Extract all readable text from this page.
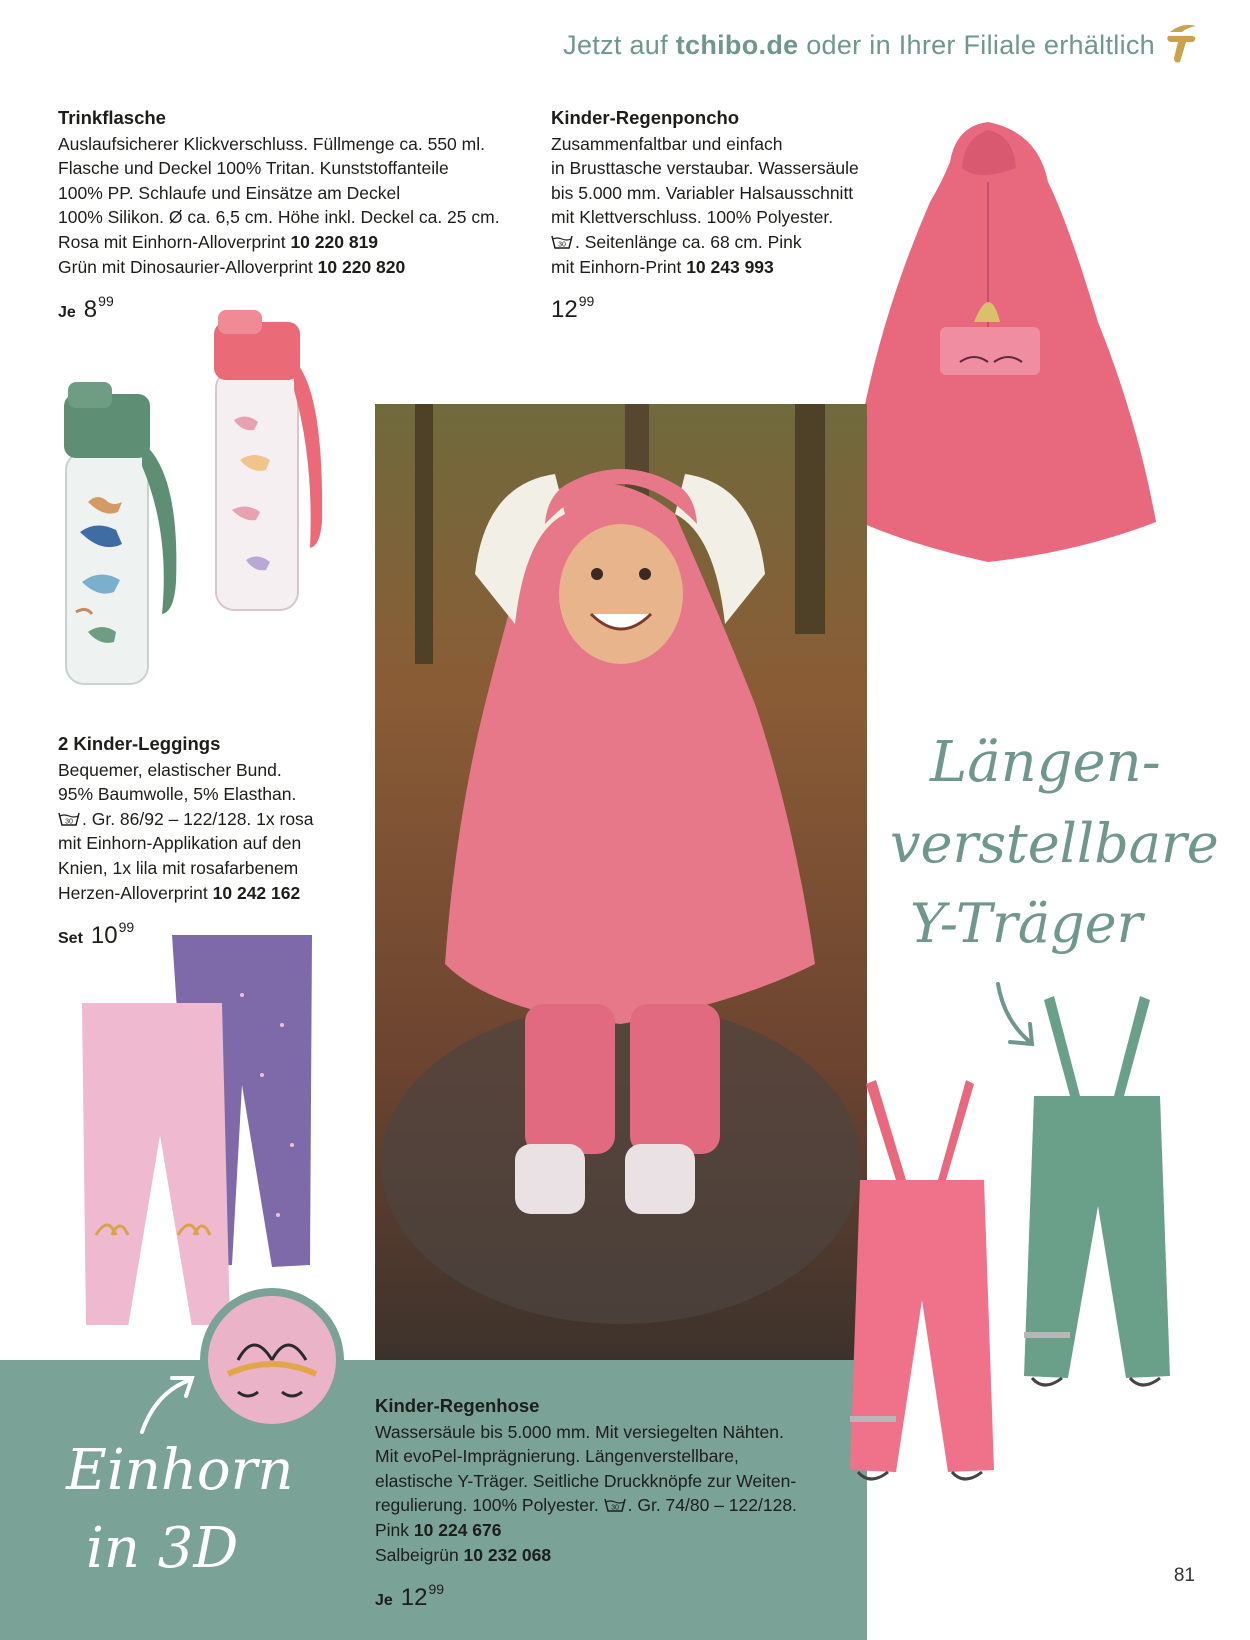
Jetzt auf tchibo.de oder in Ihrer Filiale erhältlich
Trinkflasche
Auslaufsicherer Klickverschluss. Füllmenge ca. 550 ml.
Flasche und Deckel 100% Tritan. Kunststoffanteile
100% PP. Schlaufe und Einsätze am Deckel
100% Silikon. Ø ca. 6,5 cm. Höhe inkl. Deckel ca. 25 cm.
Rosa mit Einhorn-Alloverprint 10 220 819
Grün mit Dinosaurier-Alloverprint 10 220 820
Je $8^{99}$
Kinder-Regenponcho
Zusammenfaltbar und einfach
in Brusttasche verstaubar. Wassersäule
bis 5.000 mm. Variabler Halsausschnitt
mit Klettverschluss. 100% Polyester.
30 . Seitenlänge ca. 68 cm. Pink
mit Einhorn-Print 10 243 993
$12^{99}$
2 Kinder-Leggings
Bequemer, elastischer Bund.
95% Baumwolle, 5% Elasthan.
30 . Gr. 86/92 – 122/128. 1x rosa
mit Einhorn-Applikation auf den
Knien, 1x lila mit rosafarbenem
Herzen-Alloverprint 10 242 162
Set $10^{99}$
Einhorn
in 3D
Kinder-Regenhose
Wassersäule bis 5.000 mm. Mit versiegelten Nähten.
Mit evoPel-Imprägnierung. Längenverstellbare,
elastische Y-Träger. Seitliche Druckknöpfe zur Weiten-
regulierung. 100% Polyester. 30 . Gr. 74/80 – 122/128.
Pink 10 224 676
Salbeigrün 10 232 068
Je $12^{99}$
Längen-
verstellbare
Y-Träger
81
